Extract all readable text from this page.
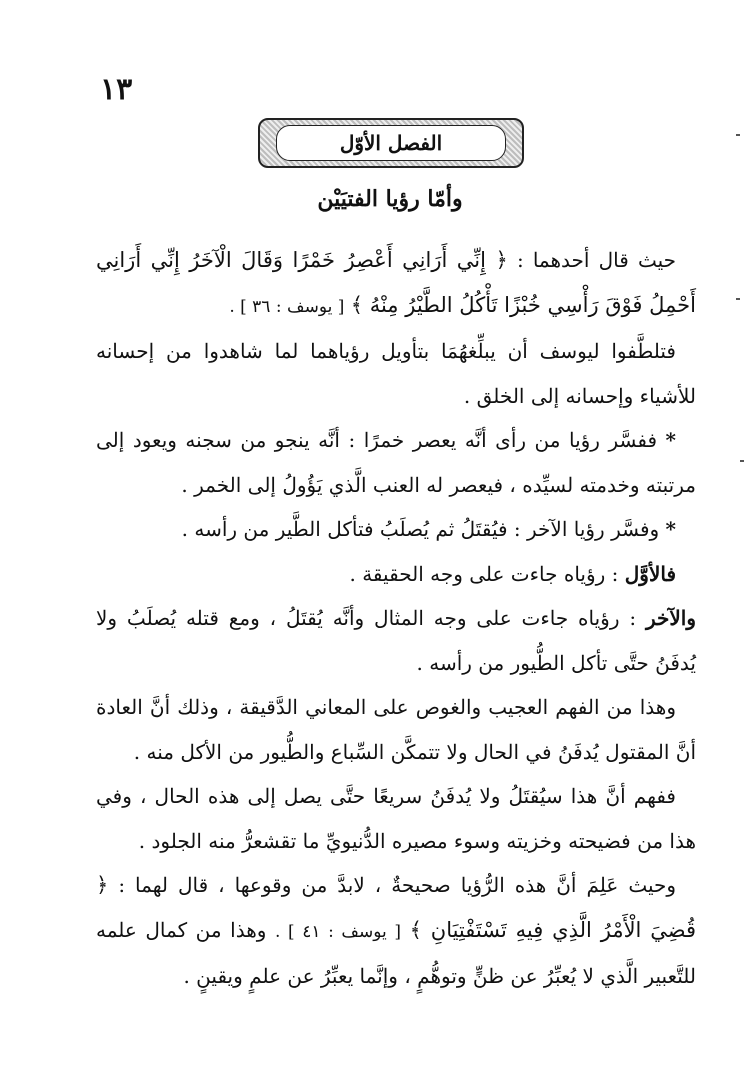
١٣
الفصل الأوّل
وأمّا رؤيا الفتيَيْن

حيث قال أحدهما : ﴿ إِنِّي أَرَانِي أَعْصِرُ خَمْرًا وَقَالَ الْآخَرُ إِنِّي أَرَانِي أَحْمِلُ فَوْقَ رَأْسِي خُبْزًا تَأْكُلُ الطَّيْرُ مِنْهُ ﴾ [ يوسف : ٣٦ ] .

فتلطَّفوا ليوسف أن يبلِّغهُمَا بتأويل رؤياهما لما شاهدوا من إحسانه للأشياء وإحسانه إلى الخلق .

* ففسَّر رؤيا من رأى أنَّه يعصر خمرًا : أنَّه ينجو من سجنه ويعود إلى مرتبته وخدمته لسيِّده ، فيعصر له العنب الَّذي يَؤُولُ إلى الخمر .

* وفسَّر رؤيا الآخر : فيُقتَلُ ثم يُصلَبُ فتأكل الطَّير من رأسه .

فالأوَّل : رؤياه جاءت على وجه الحقيقة .

والآخر : رؤياه جاءت على وجه المثال وأنَّه يُقتَلُ ، ومع قتله يُصلَبُ ولا يُدفَنُ حتَّى تأكل الطُّيور من رأسه .

وهذا من الفهم العجيب والغوص على المعاني الدَّقيقة ، وذلك أنَّ العادة أنَّ المقتول يُدفَنُ في الحال ولا تتمكَّن السِّباع والطُّيور من الأكل منه .

ففهم أنَّ هذا سيُقتَلُ ولا يُدفَنُ سريعًا حتَّى يصل إلى هذه الحال ، وفي هذا من فضيحته وخزيته وسوء مصيره الدُّنيويِّ ما تقشعرُّ منه الجلود .

وحيث عَلِمَ أنَّ هذه الرُّؤيا صحيحةٌ ، لابدَّ من وقوعها ، قال لهما : ﴿ قُضِيَ الْأَمْرُ الَّذِي فِيهِ تَسْتَفْتِيَانِ ﴾ [ يوسف : ٤١ ] . وهذا من كمال علمه للتَّعبير الَّذي لا يُعبِّرُ عن ظنٍّ وتوهُّمٍ ، وإنَّما يعبِّرُ عن علمٍ ويقينٍ .
